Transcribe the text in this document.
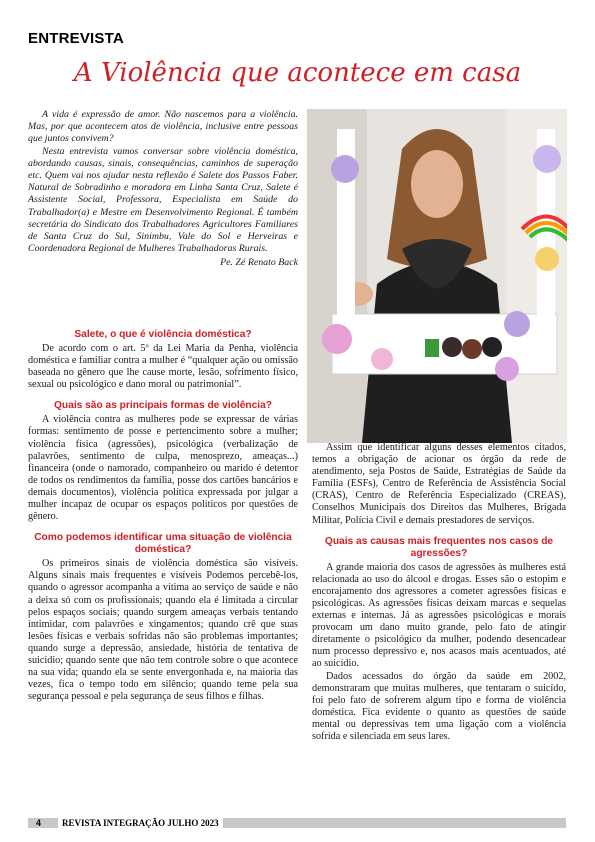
ENTREVISTA
A Violência que acontece em casa

A vida é expressão de amor. Não nascemos para a violência. Mas, por que acontecem atos de violência, inclusive entre pessoas que juntos convivem?

Nesta entrevista vamos conversar sobre violência doméstica, abordando causas, sinais, consequências, caminhos de superação etc. Quem vai nos ajudar nesta reflexão é Salete dos Passos Faber. Natural de Sobradinho e moradora em Linha Santa Cruz, Salete é Assistente Social, Professora, Especialista em Saúde do Trabalhador(a) e Mestre em Desenvolvimento Regional. É também secretária do Sindicato dos Trabalhadores Agricultores Familiares de Santa Cruz do Sul, Sinimbu, Vale do Sol e Herveiras e Coordenadora Regional de Mulheres Trabalhadoras Rurais.

Pe. Zé Renato Back
Salete, o que é violência doméstica?

De acordo com o art. 5º da Lei Maria da Penha, violência doméstica e familiar contra a mulher é “qualquer ação ou omissão baseada no gênero que lhe cause morte, lesão, sofrimento físico, sexual ou psicológico e dano moral ou patrimonial”.

Quais são as principais formas de violência?

A violência contra as mulheres pode se expressar de várias formas: sentimento de posse e pertencimento sobre a mulher; violência física (agressões), psicológica (verbalização de palavrões, sentimento de culpa, menosprezo, ameaças...) financeira (onde o namorado, companheiro ou marido é detentor de todos os rendimentos da família, posse dos cartões bancários e demais documentos), violência política expressada por julgar a mulher incapaz de ocupar os espaços políticos por questões de gênero.

Como podemos identificar uma situação de violência doméstica?

Os primeiros sinais de violência doméstica são visíveis. Alguns sinais mais frequentes e visíveis Podemos percebê-los, quando o agressor acompanha a vítima ao serviço de saúde e não a deixa só com os profissionais; quando ela é limitada a circular pelos espaços sociais; quando surgem ameaças verbais tentando intimidar, com palavrões e xingamentos; quando crê que suas lesões físicas e verbais sofridas não são problemas importantes; quando surge a depressão, ansiedade, história de tentativa de suicídio; quando sente que não tem controle sobre o que acontece na sua vida; quando ela se sente envergonhada e, na maioria das vezes, fica o tempo todo em silêncio; quando teme pela sua segurança pessoal e pela segurança de seus filhos e filhas.

Assim que identificar alguns desses elementos citados, temos a obrigação de acionar os órgão da rede de atendimento, seja Postos de Saúde, Estratégias de Saúde da Família (ESFs), Centro de Referência de Assistência Social (CRAS), Centro de Referência Especializado (CREAS), Conselhos Municipais dos Direitos das Mulheres, Brigada Militar, Polícia Civil e demais prestadores de serviços.

Quais as causas mais frequentes nos casos de agressões?

A grande maioria dos casos de agressões às mulheres está relacionada ao uso do álcool e drogas. Esses são o estopim e encorajamento dos agressores a cometer agressões físicas e psicológicas. As agressões físicas deixam marcas e sequelas externas e internas. Já as agressões psicológicas e morais provocam um dano muito grande, pelo fato de atingir diretamente o psicológico da mulher, podendo desencadear num processo depressivo e, nos acasos mais acentuados, até ao suicídio.

Dados acessados do órgão da saúde em 2002, demonstraram que muitas mulheres, que tentaram o suicído, foi pelo fato de sofrerem algum tipo e forma de violência doméstica. Fica evidente o quanto as questões de saúde mental ou depressivas tem uma ligação com a violência sofrida e silenciada em seus lares.

4	REVISTA INTEGRAÇÃO JULHO 2023
